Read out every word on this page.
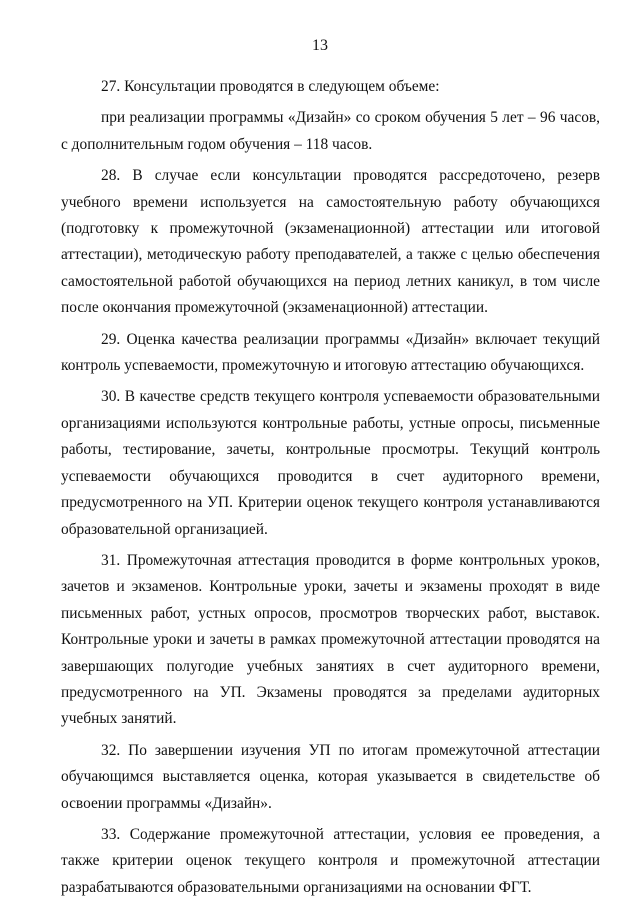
13

27. Консультации проводятся в следующем объеме:

при реализации программы «Дизайн» со сроком обучения 5 лет – 96 часов, с дополнительным годом обучения – 118 часов.

28. В случае если консультации проводятся рассредоточено, резерв учебного времени используется на самостоятельную работу обучающихся (подготовку к промежуточной (экзаменационной) аттестации или итоговой аттестации), методическую работу преподавателей, а также с целью обеспечения самостоятельной работой обучающихся на период летних каникул, в том числе после окончания промежуточной (экзаменационной) аттестации.

29. Оценка качества реализации программы «Дизайн» включает текущий контроль успеваемости, промежуточную и итоговую аттестацию обучающихся.

30. В качестве средств текущего контроля успеваемости образовательными организациями используются контрольные работы, устные опросы, письменные работы, тестирование, зачеты, контрольные просмотры. Текущий контроль успеваемости обучающихся проводится в счет аудиторного времени, предусмотренного на УП. Критерии оценок текущего контроля устанавливаются образовательной организацией.

31. Промежуточная аттестация проводится в форме контрольных уроков, зачетов и экзаменов. Контрольные уроки, зачеты и экзамены проходят в виде письменных работ, устных опросов, просмотров творческих работ, выставок. Контрольные уроки и зачеты в рамках промежуточной аттестации проводятся на завершающих полугодие учебных занятиях в счет аудиторного времени, предусмотренного на УП. Экзамены проводятся за пределами аудиторных учебных занятий.

32. По завершении изучения УП по итогам промежуточной аттестации обучающимся выставляется оценка, которая указывается в свидетельстве об освоении программы «Дизайн».

33. Содержание промежуточной аттестации, условия ее проведения, а также критерии оценок текущего контроля и промежуточной аттестации разрабатываются образовательными организациями на основании ФГТ.
